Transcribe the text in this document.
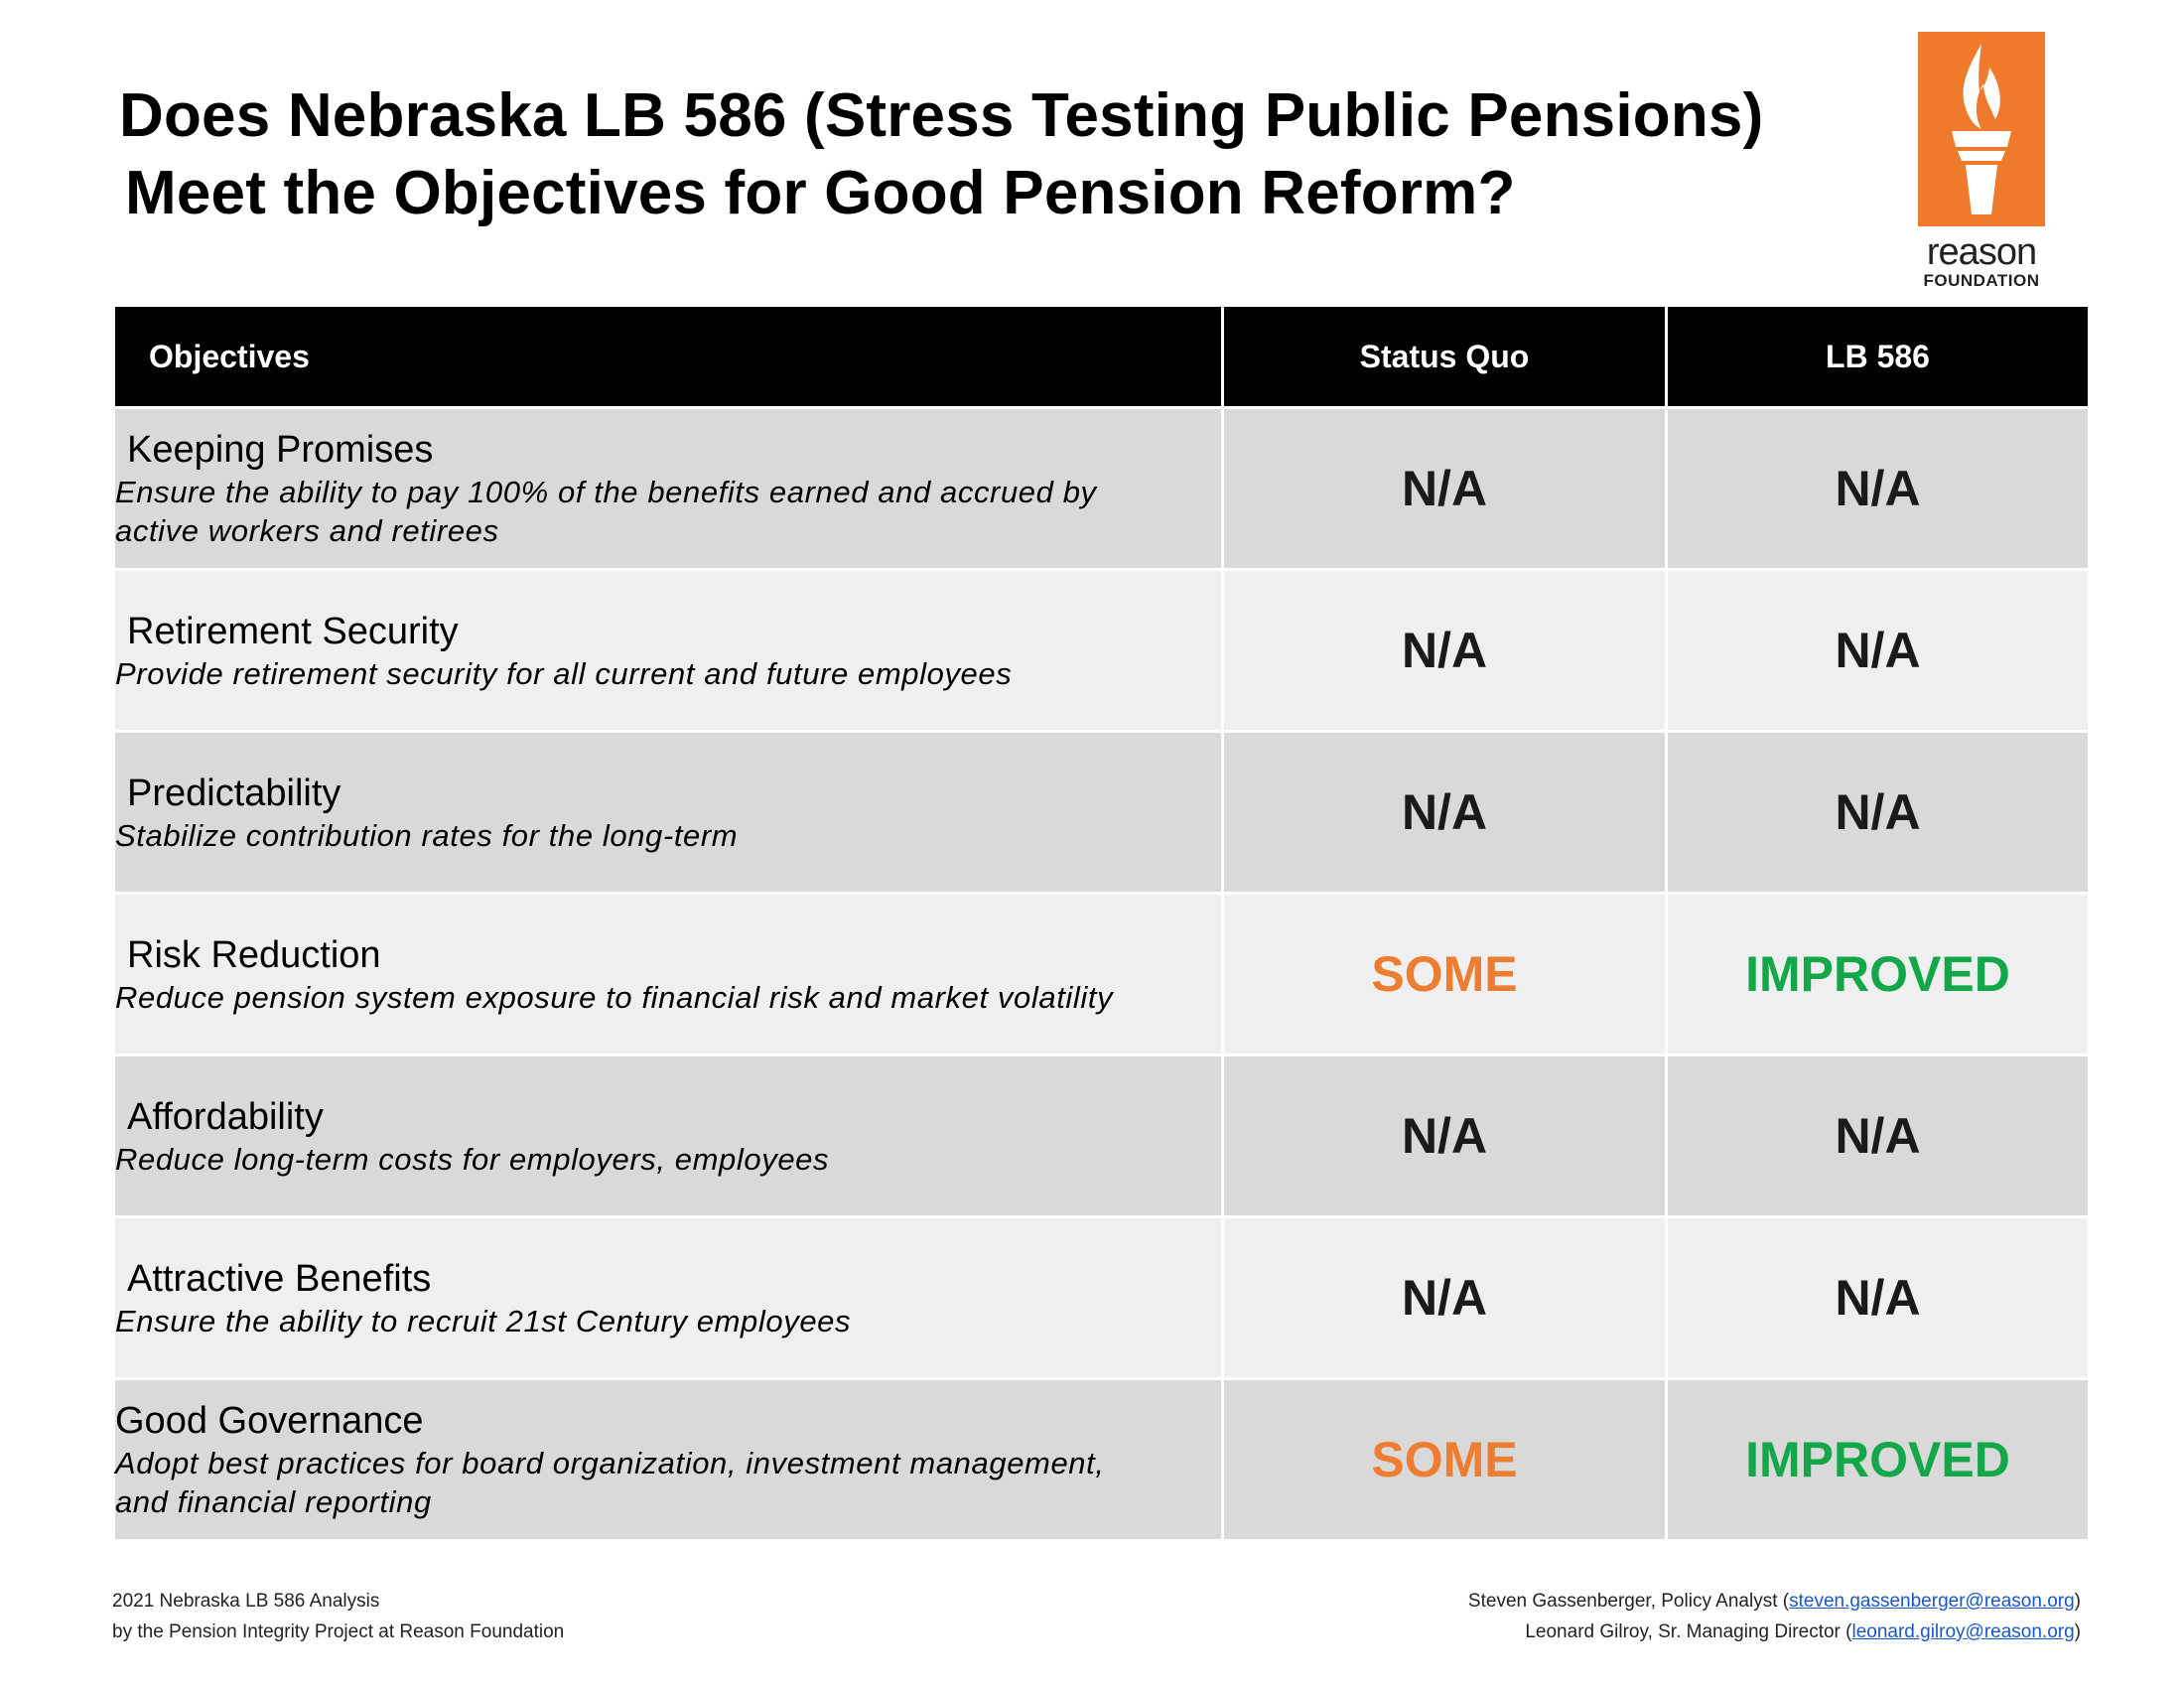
Does Nebraska LB 586 (Stress Testing Public Pensions)
Meet the Objectives for Good Pension Reform?
reason
FOUNDATION
Objectives	Status Quo	LB 586

Keeping Promises
Ensure the ability to pay 100% of the benefits earned and accrued by
active workers and retirees	N/A	N/A

Retirement Security
Provide retirement security for all current and future employees	N/A	N/A

Predictability
Stabilize contribution rates for the long-term	N/A	N/A

Risk Reduction
Reduce pension system exposure to financial risk and market volatility	SOME	IMPROVED

Affordability
Reduce long-term costs for employers, employees	N/A	N/A

Attractive Benefits
Ensure the ability to recruit 21st Century employees	N/A	N/A

Good Governance
Adopt best practices for board organization, investment management,
and financial reporting	SOME	IMPROVED
2021 Nebraska LB 586 Analysis
by the Pension Integrity Project at Reason Foundation
Steven Gassenberger, Policy Analyst (steven.gassenberger@reason.org)
Leonard Gilroy, Sr. Managing Director (leonard.gilroy@reason.org)
